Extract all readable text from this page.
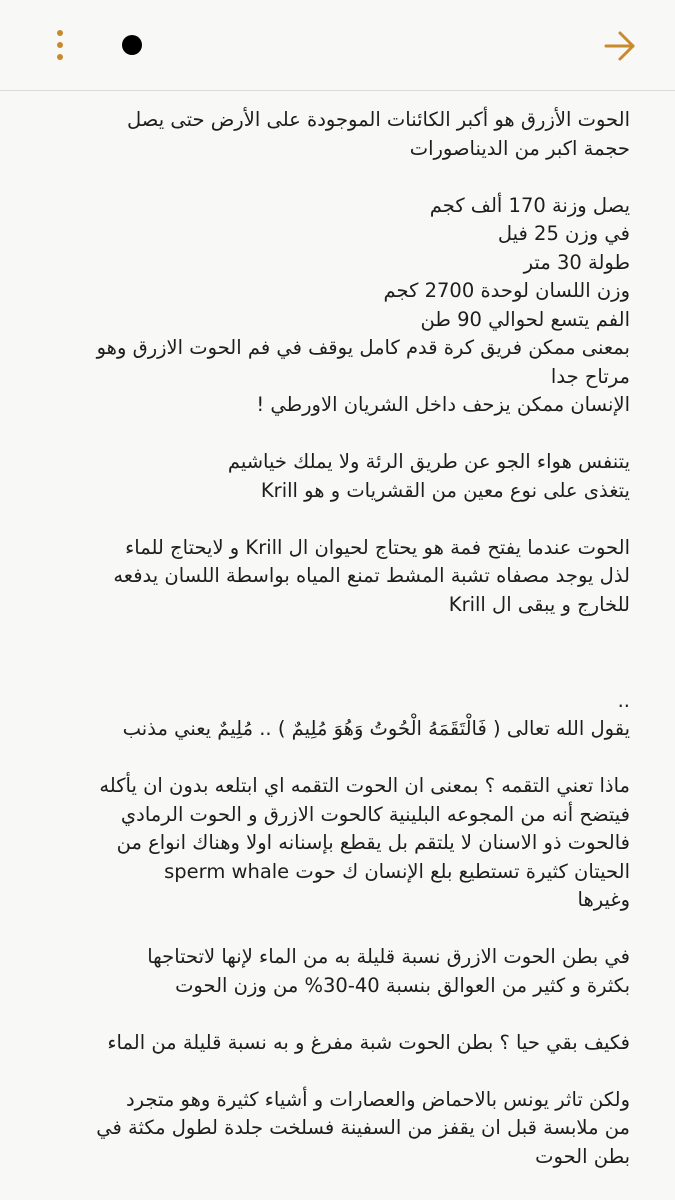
الحوت الأزرق هو أكبر الكائنات الموجودة على الأرض حتى يصل
حجمة اكبر من الديناصورات
يصل وزنة 170 ألف كجم
في وزن 25 فيل
طولة 30 متر
وزن اللسان لوحدة 2700 كجم
الفم يتسع لحوالي 90 طن
بمعنى ممكن فريق كرة قدم كامل يوقف في فم الحوت الازرق وهو
مرتاح جدا
الإنسان ممكن يزحف داخل الشريان الاورطي !
يتنفس هواء الجو عن طريق الرئة ولا يملك خياشيم
يتغذى على نوع معين من القشريات و هو Krill
الحوت عندما يفتح فمة هو يحتاج لحيوان ال Krill و لايحتاج للماء
لذل يوجد مصفاه تشبة المشط تمنع المياه بواسطة اللسان يدفعه
للخارج و يبقى ال Krill
..
يقول الله تعالى ( فَالْتَقَمَهُ الْحُوتُ وَهُوَ مُلِيمٌ ) .. مُلِيمٌ يعني مذنب
ماذا تعني التقمه ؟ بمعنى ان الحوت التقمه اي ابتلعه بدون ان يأكله
فيتضح أنه من المجوعه البلينية كالحوت الازرق و الحوت الرمادي
فالحوت ذو الاسنان لا يلتقم بل يقطع بإسنانه اولا وهناك انواع من
الحيتان كثيرة تستطيع بلع الإنسان ك حوت sperm whale
وغيرها
في بطن الحوت الازرق نسبة قليلة به من الماء لإنها لاتحتاجها
بكثرة و كثير من العوالق بنسبة 40-30% من وزن الحوت
فكيف بقي حيا ؟ بطن الحوت شبة مفرغ و به نسبة قليلة من الماء
ولكن تاثر يونس بالاحماض والعصارات و أشياء كثيرة وهو متجرد
من ملابسة قبل ان يقفز من السفينة فسلخت جلدة لطول مكثة في
بطن الحوت
